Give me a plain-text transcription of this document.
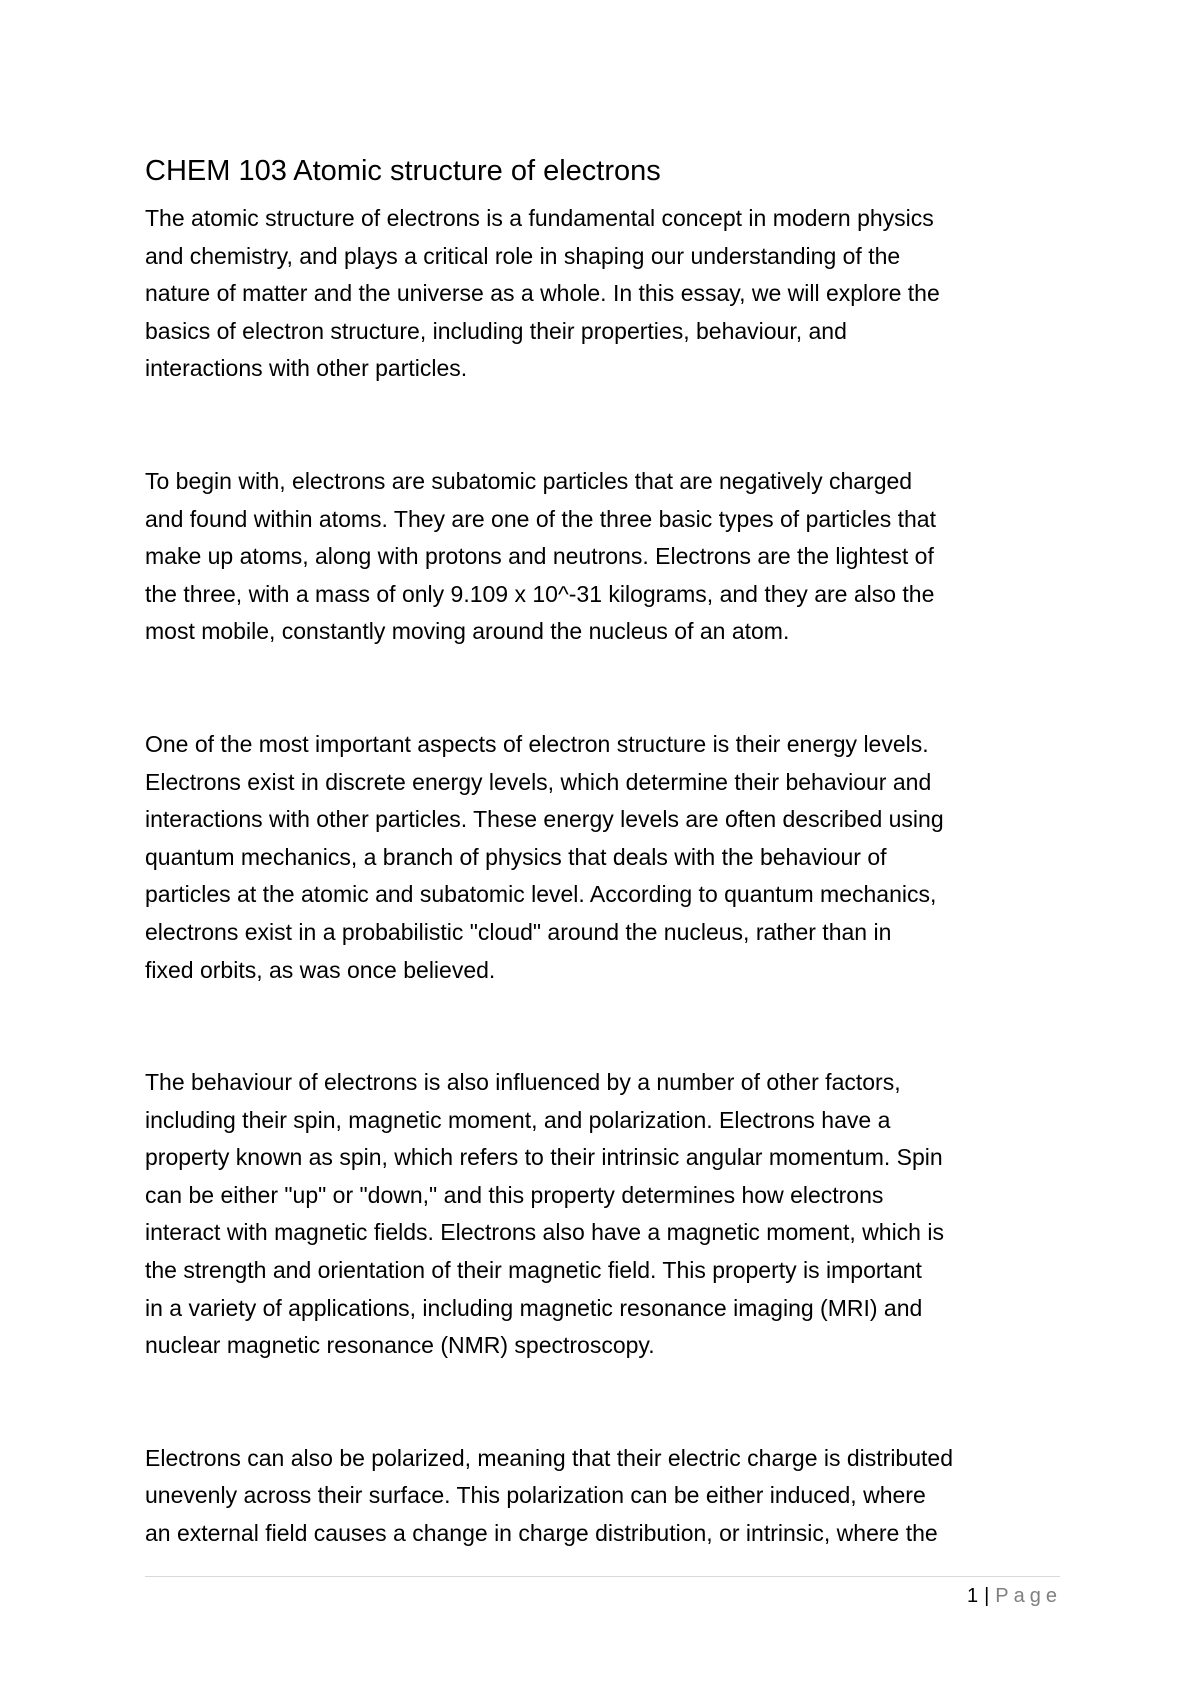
CHEM 103 Atomic structure of electrons

The atomic structure of electrons is a fundamental concept in modern physics
and chemistry, and plays a critical role in shaping our understanding of the
nature of matter and the universe as a whole. In this essay, we will explore the
basics of electron structure, including their properties, behaviour, and
interactions with other particles.

To begin with, electrons are subatomic particles that are negatively charged
and found within atoms. They are one of the three basic types of particles that
make up atoms, along with protons and neutrons. Electrons are the lightest of
the three, with a mass of only 9.109 x 10^-31 kilograms, and they are also the
most mobile, constantly moving around the nucleus of an atom.

One of the most important aspects of electron structure is their energy levels.
Electrons exist in discrete energy levels, which determine their behaviour and
interactions with other particles. These energy levels are often described using
quantum mechanics, a branch of physics that deals with the behaviour of
particles at the atomic and subatomic level. According to quantum mechanics,
electrons exist in a probabilistic "cloud" around the nucleus, rather than in
fixed orbits, as was once believed.

The behaviour of electrons is also influenced by a number of other factors,
including their spin, magnetic moment, and polarization. Electrons have a
property known as spin, which refers to their intrinsic angular momentum. Spin
can be either "up" or "down," and this property determines how electrons
interact with magnetic fields. Electrons also have a magnetic moment, which is
the strength and orientation of their magnetic field. This property is important
in a variety of applications, including magnetic resonance imaging (MRI) and
nuclear magnetic resonance (NMR) spectroscopy.

Electrons can also be polarized, meaning that their electric charge is distributed
unevenly across their surface. This polarization can be either induced, where
an external field causes a change in charge distribution, or intrinsic, where the

1 | Page
